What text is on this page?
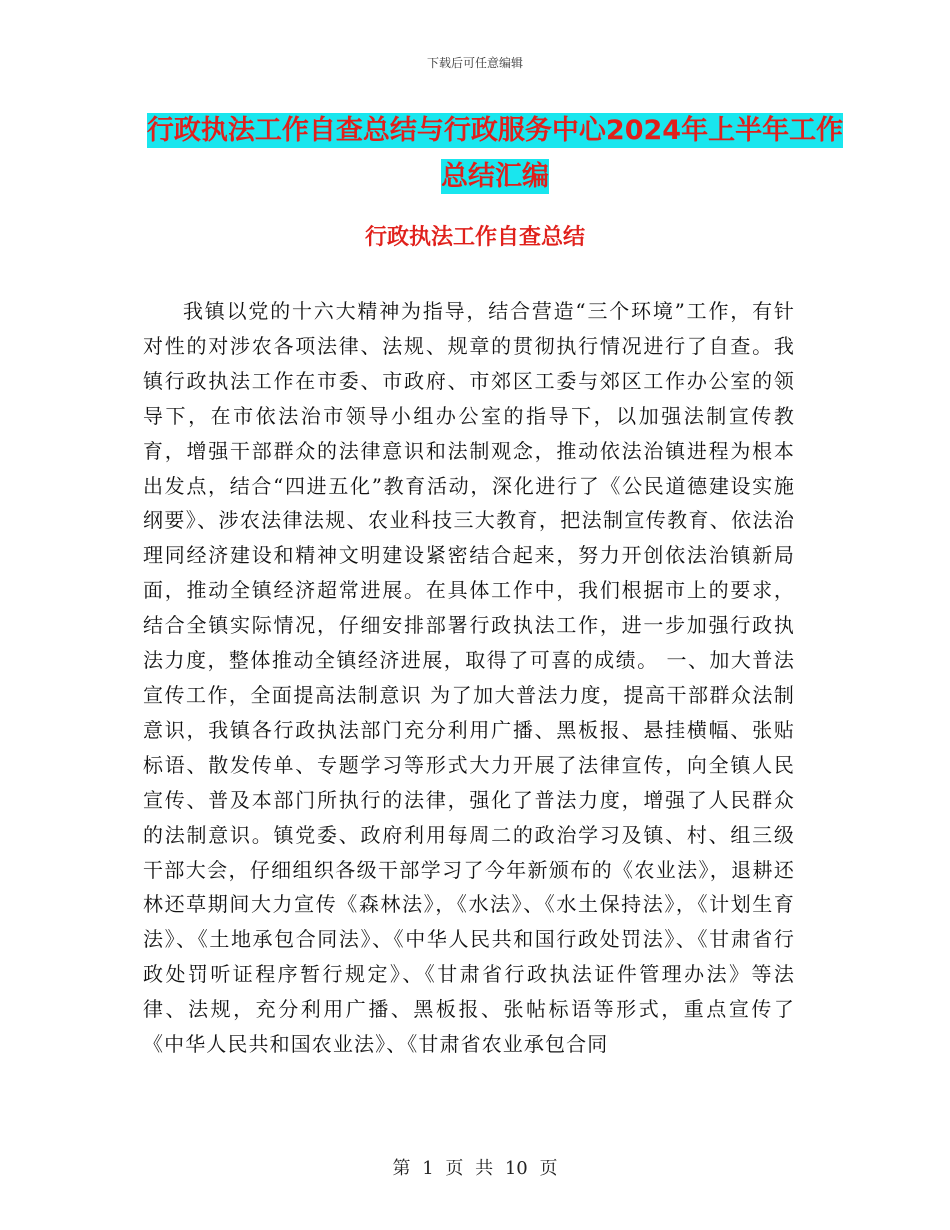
下载后可任意编辑
行政执法工作自查总结与行政服务中心2024年上半年工作总结汇编
行政执法工作自查总结

我镇以党的十六大精神为指导，结合营造“三个环境”工作，有针对性的对涉农各项法律、法规、规章的贯彻执行情况进行了自查。我镇行政执法工作在市委、市政府、市郊区工委与郊区工作办公室的领导下，在市依法治市领导小组办公室的指导下，以加强法制宣传教育，增强干部群众的法律意识和法制观念，推动依法治镇进程为根本出发点，结合“四进五化”教育活动，深化进行了《公民道德建设实施纲要》、涉农法律法规、农业科技三大教育，把法制宣传教育、依法治理同经济建设和精神文明建设紧密结合起来，努力开创依法治镇新局面，推动全镇经济超常进展。在具体工作中，我们根据市上的要求，结合全镇实际情况，仔细安排部署行政执法工作，进一步加强行政执法力度，整体推动全镇经济进展，取得了可喜的成绩。 一、加大普法宣传工作，全面提高法制意识 为了加大普法力度，提高干部群众法制意识，我镇各行政执法部门充分利用广播、黑板报、悬挂横幅、张贴标语、散发传单、专题学习等形式大力开展了法律宣传，向全镇人民宣传、普及本部门所执行的法律，强化了普法力度，增强了人民群众的法制意识。镇党委、政府利用每周二的政治学习及镇、村、组三级干部大会，仔细组织各级干部学习了今年新颁布的《农业法》，退耕还林还草期间大力宣传《森林法》，《水法》、《水土保持法》，《计划生育法》、《土地承包合同法》、《中华人民共和国行政处罚法》、《甘肃省行政处罚听证程序暂行规定》、《甘肃省行政执法证件管理办法》等法律、法规，充分利用广播、黑板报、张帖标语等形式，重点宣传了《中华人民共和国农业法》、《甘肃省农业承包合同

第 1 页 共 10 页
